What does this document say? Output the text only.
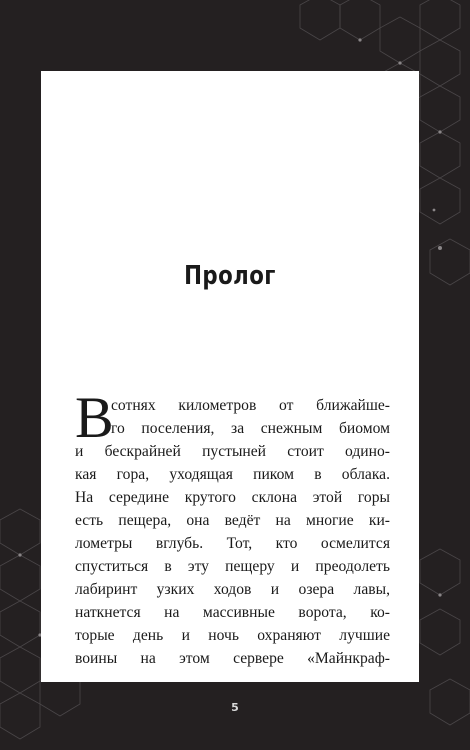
Пролог
В
сотнях километров от ближайше-
го поселения, за снежным биомом
и бескрайней пустыней стоит одино-
кая гора, уходящая пиком в облака.
На середине крутого склона этой горы
есть пещера, она ведёт на многие ки-
лометры вглубь. Тот, кто осмелится
спуститься в эту пещеру и преодолеть
лабиринт узких ходов и озера лавы,
наткнется на массивные ворота, ко-
торые день и ночь охраняют лучшие
воины на этом сервере «Майнкраф-
5
